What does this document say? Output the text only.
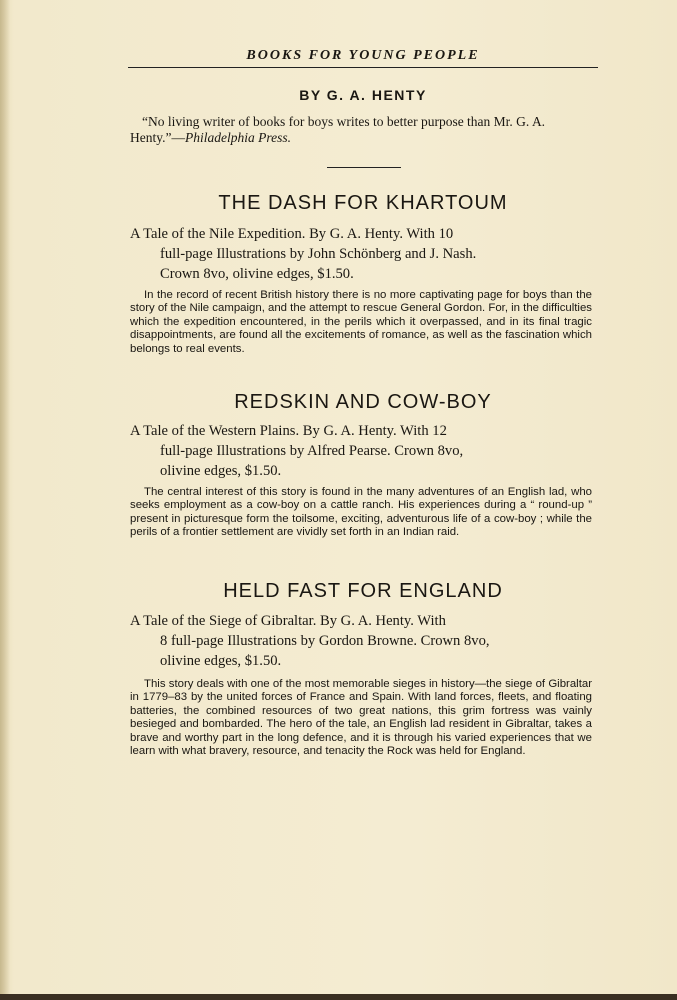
BOOKS FOR YOUNG PEOPLE
BY G. A. HENTY
“No living writer of books for boys writes to better purpose than Mr. G. A. Henty.”—Philadelphia Press.
THE DASH FOR KHARTOUM
A Tale of the Nile Expedition. By G. A. Henty. With 10
full-page Illustrations by John Schönberg and J. Nash.
Crown 8vo, olivine edges, $1.50.
In the record of recent British history there is no more captivating page for boys than the story of the Nile campaign, and the attempt to rescue General Gordon. For, in the difficulties which the expedition encountered, in the perils which it overpassed, and in its final tragic disappointments, are found all the excitements of romance, as well as the fascination which belongs to real events.
REDSKIN AND COW-BOY
A Tale of the Western Plains. By G. A. Henty. With 12
full-page Illustrations by Alfred Pearse. Crown 8vo,
olivine edges, $1.50.
The central interest of this story is found in the many adventures of an English lad, who seeks employment as a cow-boy on a cattle ranch. His experiences during a “ round-up ” present in picturesque form the toilsome, exciting, adventurous life of a cow-boy ; while the perils of a frontier settlement are vividly set forth in an Indian raid.
HELD FAST FOR ENGLAND
A Tale of the Siege of Gibraltar. By G. A. Henty. With
8 full-page Illustrations by Gordon Browne. Crown 8vo,
olivine edges, $1.50.
This story deals with one of the most memorable sieges in history—the siege of Gibraltar in 1779–83 by the united forces of France and Spain. With land forces, fleets, and floating batteries, the combined resources of two great nations, this grim fortress was vainly besieged and bombarded. The hero of the tale, an English lad resident in Gibraltar, takes a brave and worthy part in the long defence, and it is through his varied experiences that we learn with what bravery, resource, and tenacity the Rock was held for England.
